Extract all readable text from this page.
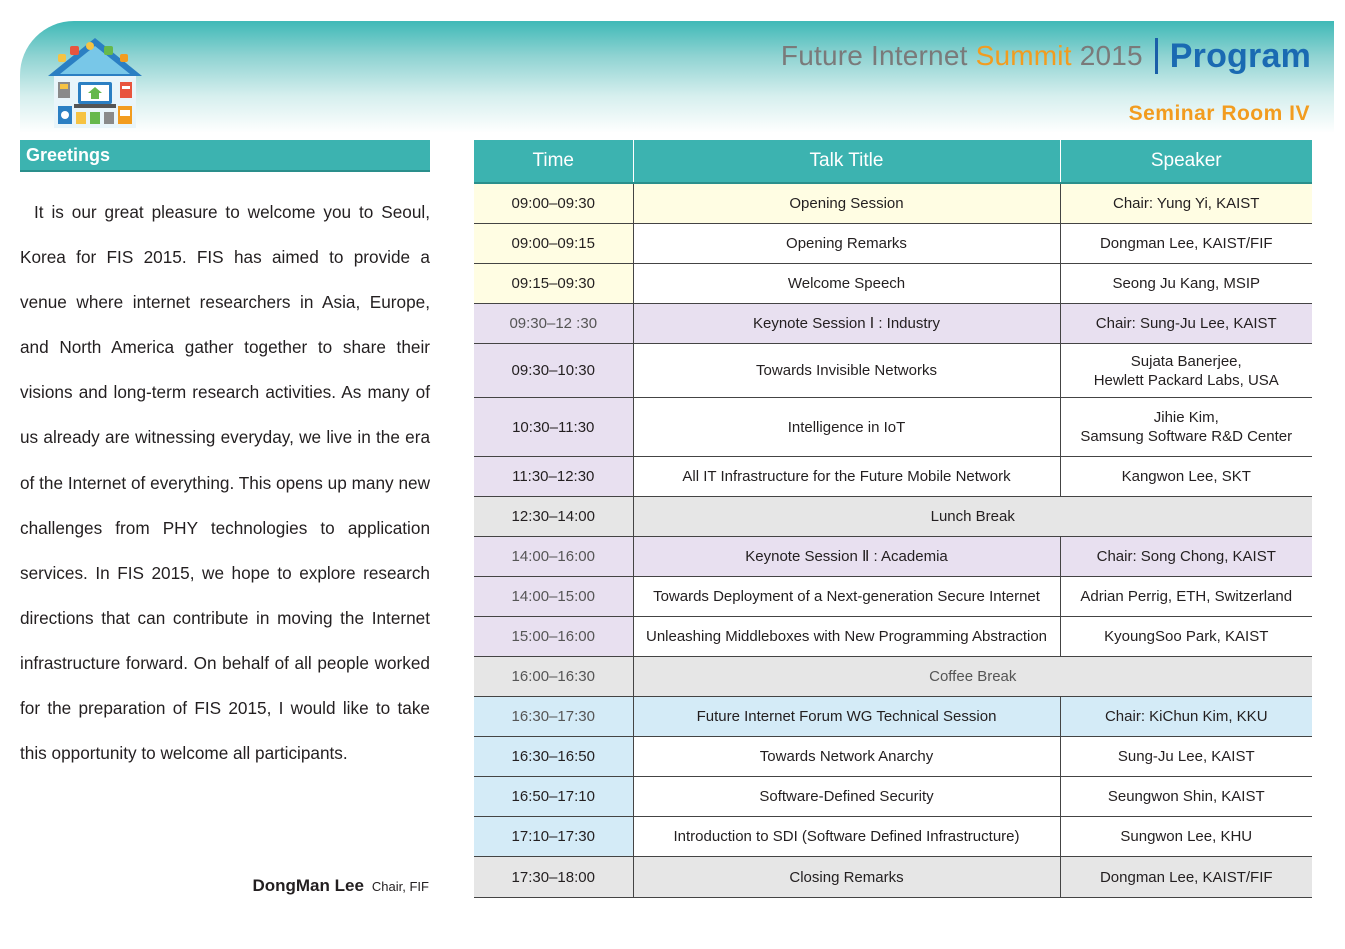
Future Internet Summit 2015 Program
Seminar Room IV
Greetings

It is our great pleasure to welcome you to Seoul, Korea for FIS 2015. FIS has aimed to provide a venue where internet researchers in Asia, Europe, and North America gather together to share their visions and long-term research activities. As many of us already are witnessing everyday, we live in the era of the Internet of everything. This opens up many new challenges from PHY technologies to application services. In FIS 2015, we hope to explore research directions that can contribute in moving the Internet infrastructure forward. On behalf of all people worked for the preparation of FIS 2015, I would like to take this opportunity to welcome all participants.

DongMan Lee Chair, FIF
Time	Talk Title	Speaker
09:00–09:30	Opening Session	Chair: Yung Yi, KAIST
09:00–09:15	Opening Remarks	Dongman Lee, KAIST/FIF
09:15–09:30	Welcome Speech	Seong Ju Kang, MSIP
09:30–12 :30	Keynote Session Ⅰ : Industry	Chair: Sung-Ju Lee, KAIST
09:30–10:30	Towards Invisible Networks	Sujata Banerjee,
Hewlett Packard Labs, USA

10:30–11:30	Intelligence in IoT	Jihie Kim,
Samsung Software R&D Center

11:30–12:30	All IT Infrastructure for the Future Mobile Network	Kangwon Lee, SKT
12:30–14:00	Lunch Break	
14:00–16:00	Keynote Session Ⅱ : Academia	Chair: Song Chong, KAIST
14:00–15:00	Towards Deployment of a Next-generation Secure Internet	Adrian Perrig, ETH, Switzerland
15:00–16:00	Unleashing Middleboxes with New Programming Abstraction	KyoungSoo Park, KAIST
16:00–16:30	Coffee Break	
16:30–17:30	Future Internet Forum WG Technical Session	Chair: KiChun Kim, KKU
16:30–16:50	Towards Network Anarchy	Sung-Ju Lee, KAIST
16:50–17:10	Software-Defined Security	Seungwon Shin, KAIST
17:10–17:30	Introduction to SDI (Software Defined Infrastructure)	Sungwon Lee, KHU
17:30–18:00	Closing Remarks	Dongman Lee, KAIST/FIF
